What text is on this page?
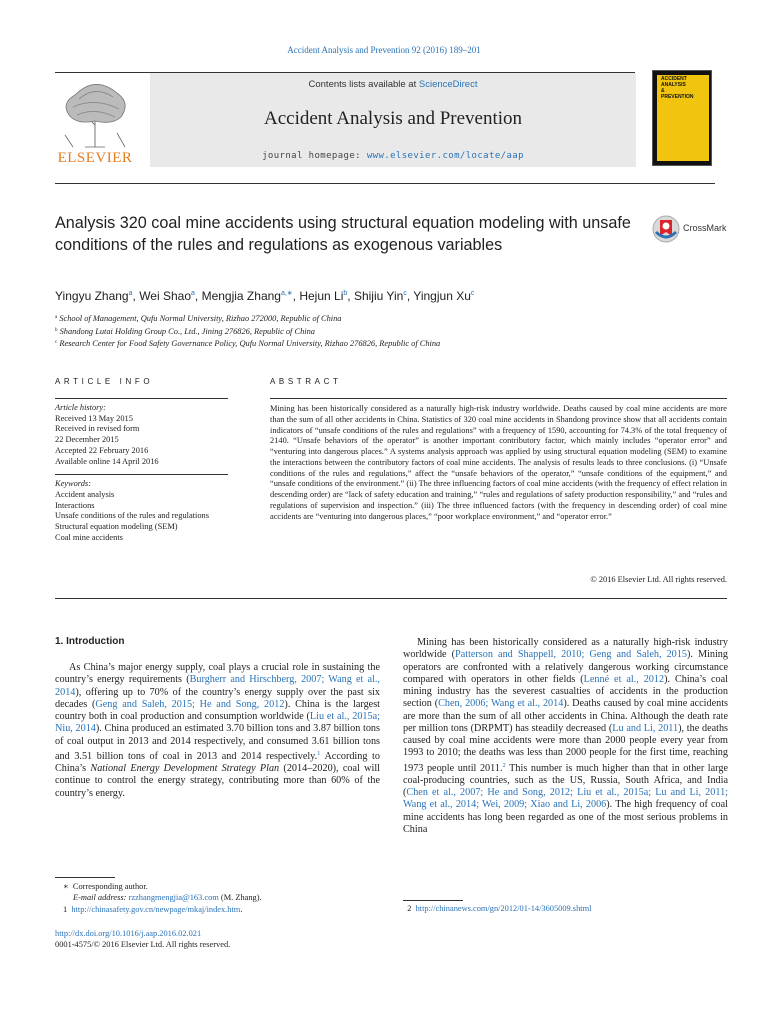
Accident Analysis and Prevention 92 (2016) 189–201
ELSEVIER
Contents lists available at ScienceDirect
Accident Analysis and Prevention
journal homepage: www.elsevier.com/locate/aap
ACCIDENT
ANALYSIS
&
PREVENTION
Analysis 320 coal mine accidents using structural equation modeling with unsafe conditions of the rules and regulations as exogenous variables
CrossMark
Yingyu Zhang$^a$, Wei Shao$^a$, Mengjia Zhang$^{a,∗}$, Hejun Li$^b$, Shijiu Yin$^c$, Yingjun Xu$^c$
$^a$ School of Management, Qufu Normal University, Rizhao 272000, Republic of China
$^b$ Shandong Lutai Holding Group Co., Ltd., Jining 276826, Republic of China
$^c$ Research Center for Food Safety Governance Policy, Qufu Normal University, Rizhao 276826, Republic of China
ARTICLE INFO	ABSTRACT
Article history:
Received 13 May 2015
Received in revised form
22 December 2015
Accepted 22 February 2016
Available online 14 April 2016
Keywords:
Accident analysis
Interactions
Unsafe conditions of the rules and regulations
Structural equation modeling (SEM)
Coal mine accidents
Mining has been historically considered as a naturally high-risk industry worldwide. Deaths caused by coal mine accidents are more than the sum of all other accidents in China. Statistics of 320 coal mine accidents in Shandong province show that all accidents contain indicators of “unsafe conditions of the rules and regulations” with a frequency of 1590, accounting for 74.3% of the total frequency of 2140. “Unsafe behaviors of the operator” is another important contributory factor, which mainly includes “operator error” and “venturing into dangerous places.” A systems analysis approach was applied by using structural equation modeling (SEM) to examine the interactions between the contributory factors of coal mine accidents. The analysis of results leads to three conclusions. (i) “Unsafe conditions of the rules and regulations,” affect the “unsafe behaviors of the operator,” “unsafe conditions of the equipment,” and “unsafe conditions of the environment.” (ii) The three influencing factors of coal mine accidents (with the frequency of effect relation in descending order) are “lack of safety education and training,” “rules and regulations of safety production responsibility,” and “rules and regulations of supervision and inspection.” (iii) The three influenced factors (with the frequency in descending order) of coal mine accidents are “venturing into dangerous places,” “poor workplace environment,” and “operator error.”
© 2016 Elsevier Ltd. All rights reserved.
1. Introduction
As China’s major energy supply, coal plays a crucial role in sustaining the country’s energy requirements (Burgherr and Hirschberg, 2007; Wang et al., 2014), offering up to 70% of the country’s energy supply over the past six decades (Geng and Saleh, 2015; He and Song, 2012). China is the largest country both in coal production and consumption worldwide (Liu et al., 2015a; Niu, 2014). China produced an estimated 3.70 billion tons and 3.87 billion tons of coal output in 2013 and 2014 respectively, and consumed 3.61 billion tons and 3.51 billion tons of coal in 2013 and 2014 respectively.$^1$ According to China’s National Energy Development Strategy Plan (2014–2020), coal will continue to control the energy strategy, contributing more than 60% of the country’s energy.
Mining has been historically considered as a naturally high-risk industry worldwide (Patterson and Shappell, 2010; Geng and Saleh, 2015). Mining operators are confronted with a relatively dangerous working circumstance compared with operators in other fields (Lenné et al., 2012). China’s coal mining industry has the severest casualties of accidents in the production section (Chen, 2006; Wang et al., 2014). Deaths caused by coal mine accidents are more than the sum of all other accidents in China. Although the death rate per million tons (DRPMT) has steadily decreased (Lu and Li, 2011), the deaths caused by coal mine accidents were more than 2000 people every year from 1993 to 2010; the deaths was less than 2000 people for the first time, reaching 1973 people until 2011.$^2$ This number is much higher than that in other large coal-producing countries, such as the US, Russia, South Africa, and India (Chen et al., 2007; He and Song, 2012; Liu et al., 2015a; Lu and Li, 2011; Wang et al., 2014; Wei, 2009; Xiao and Li, 2006). The high frequency of coal mine accidents has long been regarded as one of the most serious problems in China
∗ Corresponding author.
E-mail address: rzzhangmengjia@163.com (M. Zhang).
1 http://chinasafety.gov.cn/newpage/mkaj/index.htm.	2 http://chinanews.com/gn/2012/01-14/3605009.shtml
http://dx.doi.org/10.1016/j.aap.2016.02.021
0001-4575/© 2016 Elsevier Ltd. All rights reserved.
